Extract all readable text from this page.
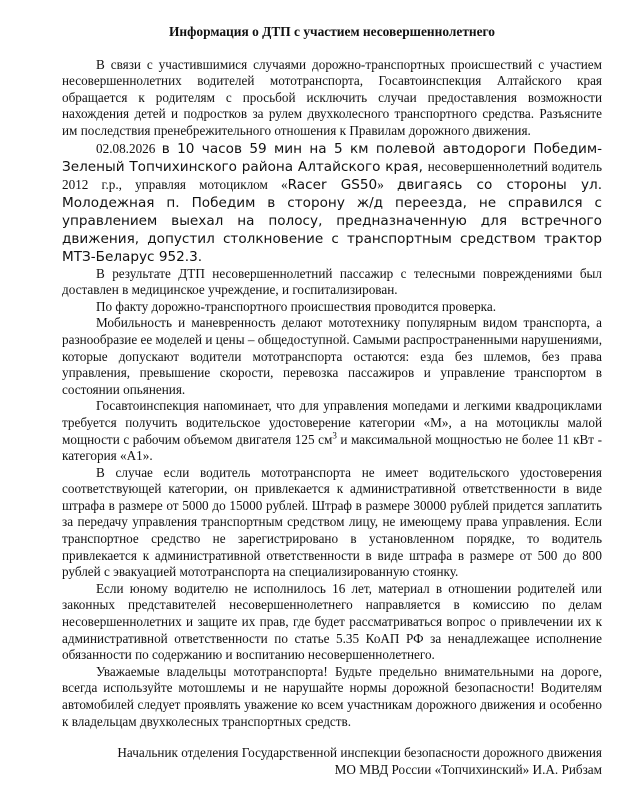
Информация о ДТП с участием несовершеннолетнего

В связи с участившимися случаями дорожно-транспортных происшествий с участием несовершеннолетних водителей мототранспорта, Госавтоинспекция Алтайского края обращается к родителям с просьбой исключить случаи предоставления возможности нахождения детей и подростков за рулем двухколесного транспортного средства. Разъясните им последствия пренебрежительного отношения к Правилам дорожного движения.

02.08.2026 в 10 часов 59 мин на 5 км полевой автодороги Победим-Зеленый Топчихинского района Алтайского края, несовершеннолетний водитель 2012 г.р., управляя мотоциклом «Racer GS50» двигаясь со стороны ул. Молодежная п. Победим в сторону ж/д переезда, не справился с управлением выехал на полосу, предназначенную для встречного движения, допустил столкновение с транспортным средством трактор МТЗ-Беларус 952.3.

В результате ДТП несовершеннолетний пассажир с телесными повреждениями был доставлен в медицинское учреждение, и госпитализирован.

По факту дорожно-транспортного происшествия проводится проверка.

Мобильность и маневренность делают мототехнику популярным видом транспорта, а разнообразие ее моделей и цены – общедоступной. Самыми распространенными нарушениями, которые допускают водители мототранспорта остаются: езда без шлемов, без права управления, превышение скорости, перевозка пассажиров и управление транспортом в состоянии опьянения.

Госавтоинспекция напоминает, что для управления мопедами и легкими квадроциклами требуется получить водительское удостоверение категории «М», а на мотоциклы малой мощности с рабочим объемом двигателя 125 $см^3$ и максимальной мощностью не более 11 кВт - категория «А1».

В случае если водитель мототранспорта не имеет водительского удостоверения соответствующей категории, он привлекается к административной ответственности в виде штрафа в размере от 5000 до 15000 рублей. Штраф в размере 30000 рублей придется заплатить за передачу управления транспортным средством лицу, не имеющему права управления. Если транспортное средство не зарегистрировано в установленном порядке, то водитель привлекается к административной ответственности в виде штрафа в размере от 500 до 800 рублей с эвакуацией мототранспорта на специализированную стоянку.

Если юному водителю не исполнилось 16 лет, материал в отношении родителей или законных представителей несовершеннолетнего направляется в комиссию по делам несовершеннолетних и защите их прав, где будет рассматриваться вопрос о привлечении их к административной ответственности по статье 5.35 КоАП РФ за ненадлежащее исполнение обязанности по содержанию и воспитанию несовершеннолетнего.

Уважаемые владельцы мототранспорта! Будьте предельно внимательными на дороге, всегда используйте мотошлемы и не нарушайте нормы дорожной безопасности! Водителям автомобилей следует проявлять уважение ко всем участникам дорожного движения и особенно к владельцам двухколесных транспортных средств.

Начальник отделения Государственной инспекции безопасности дорожного движения
МО МВД России «Топчихинский» И.А. Рибзам
